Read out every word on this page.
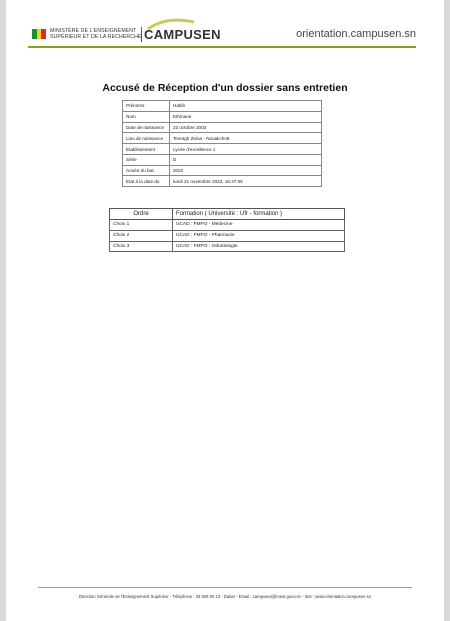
MINISTÈRE DE L'ENSEIGNEMENT
SUPÉRIEUR ET DE LA RECHERCHE CAMPUSEN	orientation.campusen.sn
Accusé de Réception d'un dossier sans entretien
Prénoms	Habib
Nom	Ethmane
Date de naissance	23 octobre 2003
Lieu de naissance	Tevragh Zeina - Nouakchott
Etablissement	Lycée d'excellence 1
Série	D
Année du bac	2022
Etat à la date du	lundi 21 novembre 2022, 15:47:05
Ordre	Formation ( Université : Ufr - formation )
Choix 1	UCAD : FMPO - Médecine
Choix 2	UCAD : FMPO - Pharmacie
Choix 3	UCAD : FMPO - Odontologie
Direction Générale de l'Enseignement Supérieur - Téléphone : 33 829 00 13 - Dakar - Email : campusen@mesr.gouv.sn - Site : www.orientation.campusen.sn
